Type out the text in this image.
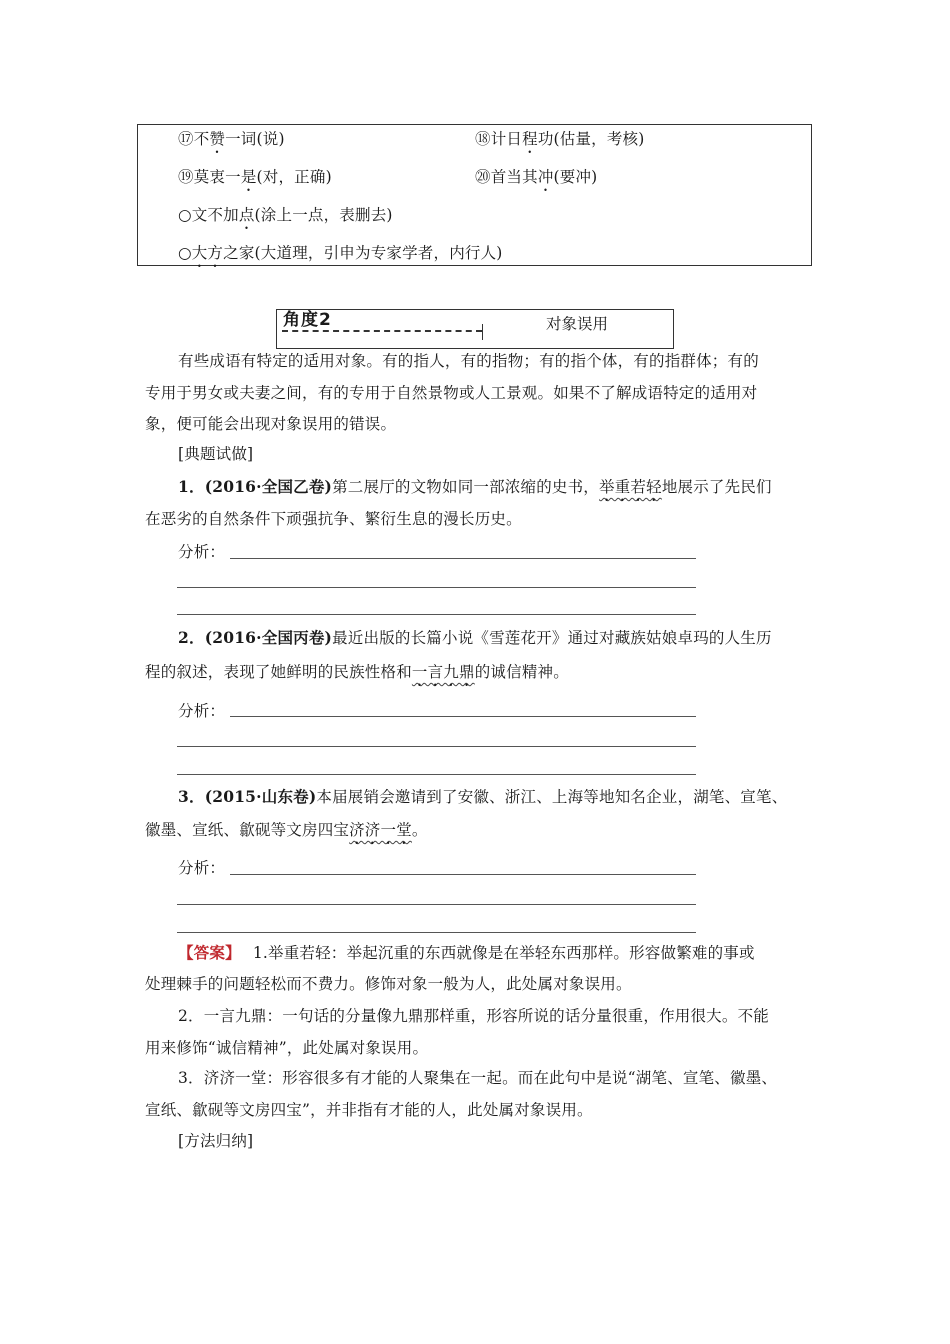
⑰不赞一词(说)	⑱计日程功(估量，考核)
⑲莫衷一是(对，正确)	⑳首当其冲(要冲)
○文不加点(涂上一点，表删去)
○大方之家(大道理，引申为专家学者，内行人)
角度2	对象误用
有些成语有特定的适用对象。有的指人，有的指物；有的指个体，有的指群体；有的
专用于男女或夫妻之间，有的专用于自然景物或人工景观。如果不了解成语特定的适用对
象，便可能会出现对象误用的错误。
[典题试做]
1．(2016·全国乙卷)第二展厅的文物如同一部浓缩的史书，举重若轻地展示了先民们
在恶劣的自然条件下顽强抗争、繁衍生息的漫长历史。
分析：
2．(2016·全国丙卷)最近出版的长篇小说《雪莲花开》通过对藏族姑娘卓玛的人生历
程的叙述，表现了她鲜明的民族性格和一言九鼎的诚信精神。
分析：
3．(2015·山东卷)本届展销会邀请到了安徽、浙江、上海等地知名企业，湖笔、宣笔、
徽墨、宣纸、歙砚等文房四宝济济一堂。
分析：
【答案】 1.举重若轻：举起沉重的东西就像是在举轻东西那样。形容做繁难的事或
处理棘手的问题轻松而不费力。修饰对象一般为人，此处属对象误用。
2．一言九鼎：一句话的分量像九鼎那样重，形容所说的话分量很重，作用很大。不能
用来修饰“诚信精神”，此处属对象误用。
3．济济一堂：形容很多有才能的人聚集在一起。而在此句中是说“湖笔、宣笔、徽墨、
宣纸、歙砚等文房四宝”，并非指有才能的人，此处属对象误用。
[方法归纳]
